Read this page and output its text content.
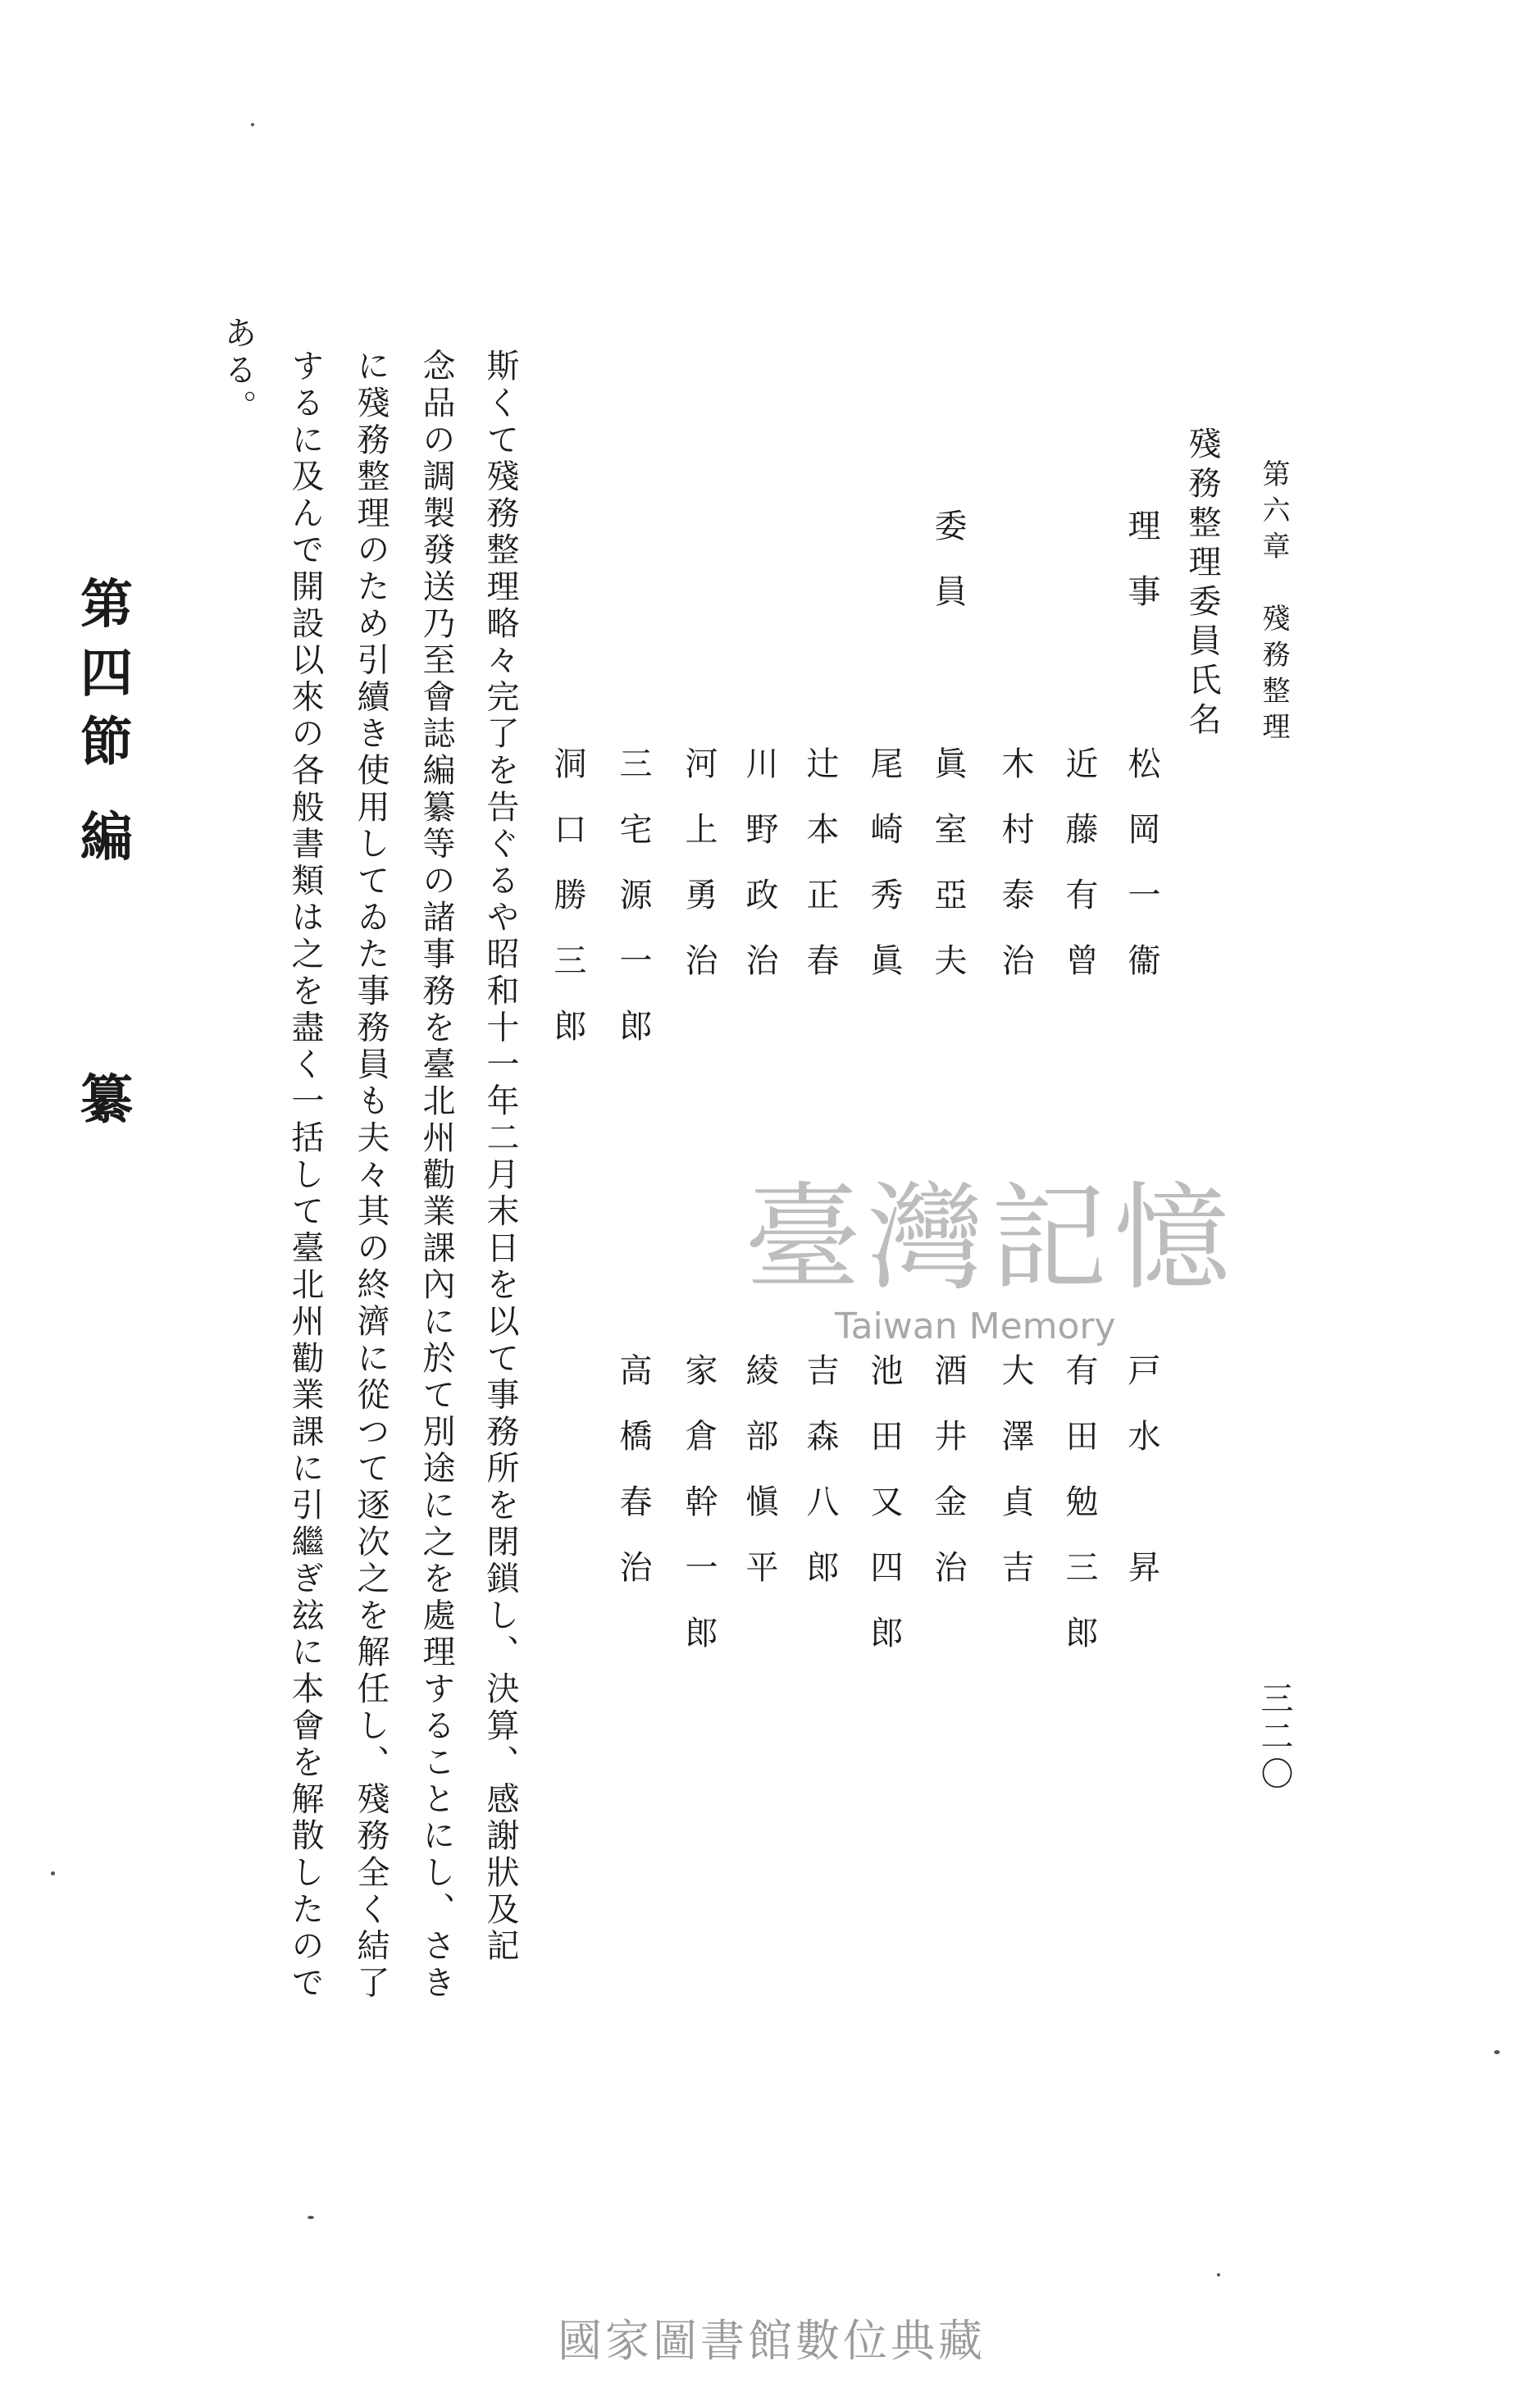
第六章　殘務整理
三二〇
殘務整理委員氏名
理　事
委　員
松　岡　一　衞
戸　水　　　昇
近　藤　有　曾
有　田　勉　三　郎
木　村　泰　治
大　澤　貞　吉
眞　室　亞　夫
酒　井　金　治
尾　崎　秀　眞
池　田　又　四　郎
辻　本　正　春
吉　森　八　郎
川　野　政　治
綾　部　愼　平
河　上　勇　治
家　倉　幹　一　郎
三　宅　源　一　郎
高　橋　春　治
洞　口　勝　三　郎
斯くて殘務整理略々完了を告ぐるや昭和十一年二月末日を以て事務所を閉鎖し、決算、感謝狀及記
念品の調製發送乃至會誌編纂等の諸事務を臺北州勸業課內に於て別途に之を處理することにし、さき
に殘務整理のため引續き使用してゐた事務員も夫々其の終濟に從つて逐次之を解任し、殘務全く結了
するに及んで開設以來の各般書類は之を盡く一括して臺北州勸業課に引繼ぎ玆に本會を解散したので
ある。
第
四
節
編
纂
臺灣記憶
Taiwan Memory
國家圖書館數位典藏
